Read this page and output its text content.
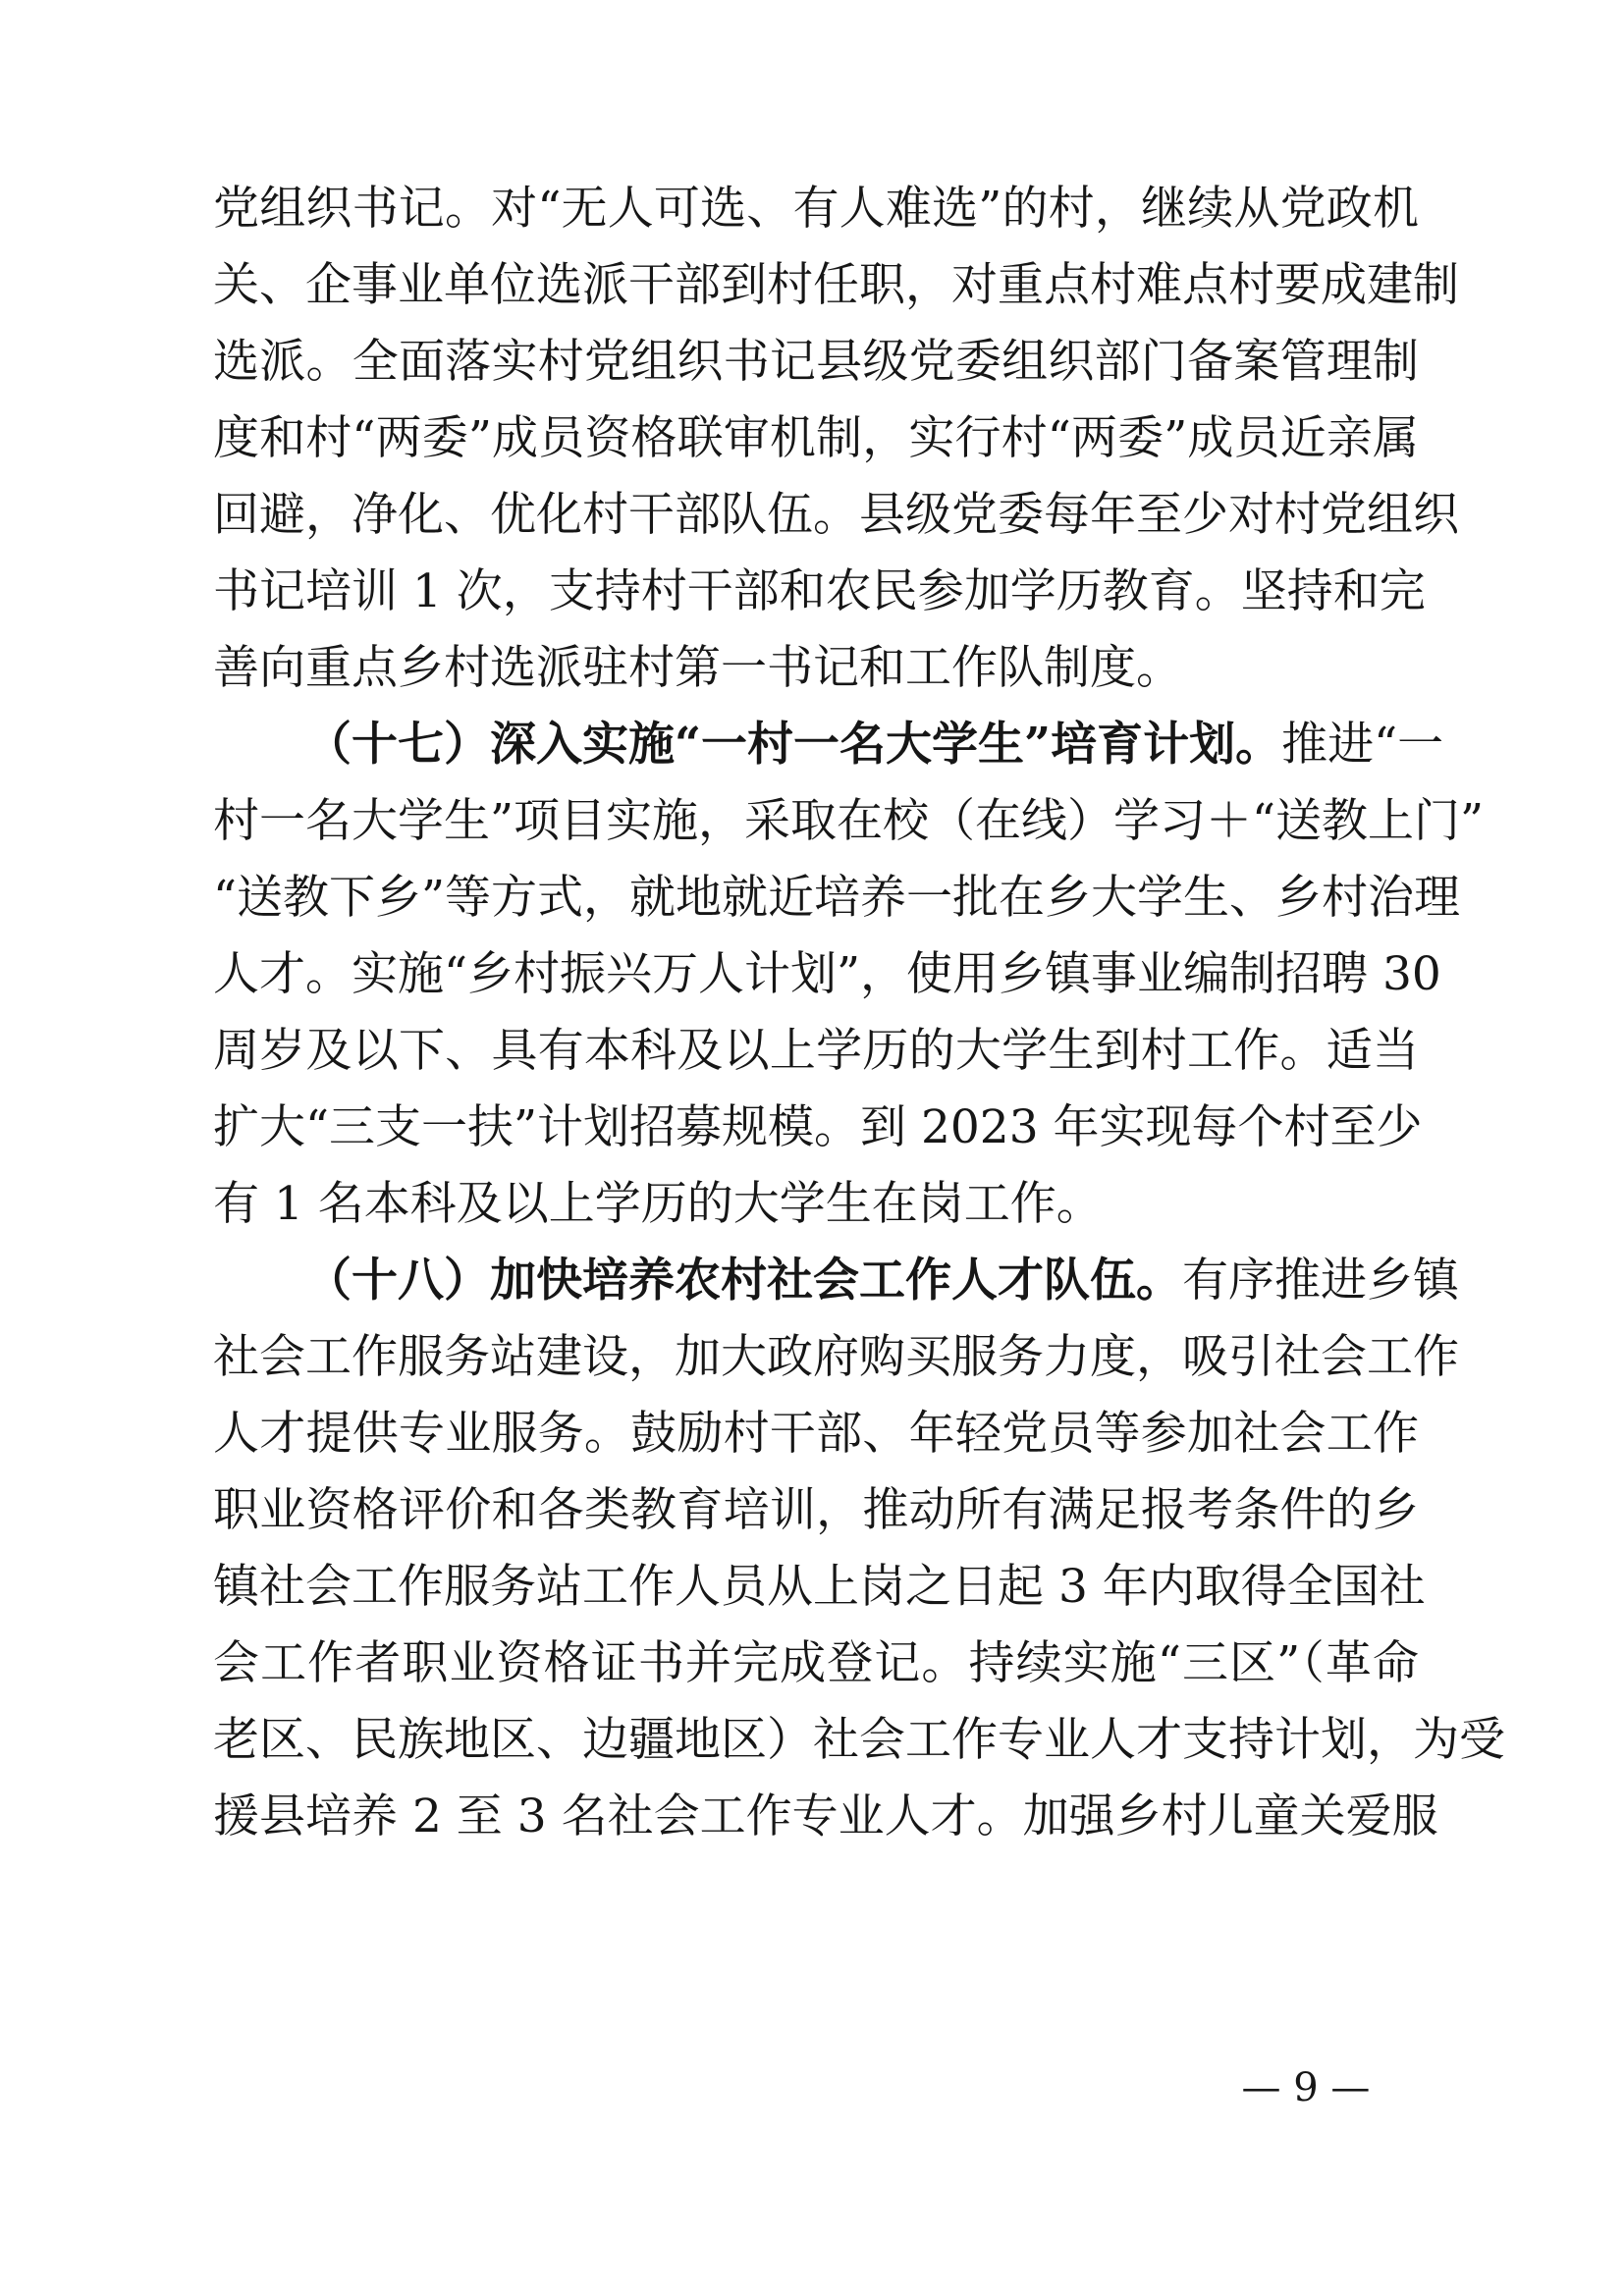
党组织书记。对“无人可选、有人难选”的村，继续从党政机
关、企事业单位选派干部到村任职，对重点村难点村要成建制
选派。全面落实村党组织书记县级党委组织部门备案管理制
度和村“两委”成员资格联审机制，实行村“两委”成员近亲属
回避，净化、优化村干部队伍。县级党委每年至少对村党组织
书记培训 1 次，支持村干部和农民参加学历教育。坚持和完
善向重点乡村选派驻村第一书记和工作队制度。
（十七）深入实施“一村一名大学生”培育计划。推进“一
村一名大学生”项目实施，采取在校（在线）学习＋“送教上门”
“送教下乡”等方式，就地就近培养一批在乡大学生、乡村治理
人才。实施“乡村振兴万人计划”，使用乡镇事业编制招聘 30
周岁及以下、具有本科及以上学历的大学生到村工作。适当
扩大“三支一扶”计划招募规模。到 2023 年实现每个村至少
有 1 名本科及以上学历的大学生在岗工作。
（十八）加快培养农村社会工作人才队伍。有序推进乡镇
社会工作服务站建设，加大政府购买服务力度，吸引社会工作
人才提供专业服务。鼓励村干部、年轻党员等参加社会工作
职业资格评价和各类教育培训，推动所有满足报考条件的乡
镇社会工作服务站工作人员从上岗之日起 3 年内取得全国社
会工作者职业资格证书并完成登记。持续实施“三区”（革命
老区、民族地区、边疆地区）社会工作专业人才支持计划，为受
援县培养 2 至 3 名社会工作专业人才。加强乡村儿童关爱服
— 9 —
